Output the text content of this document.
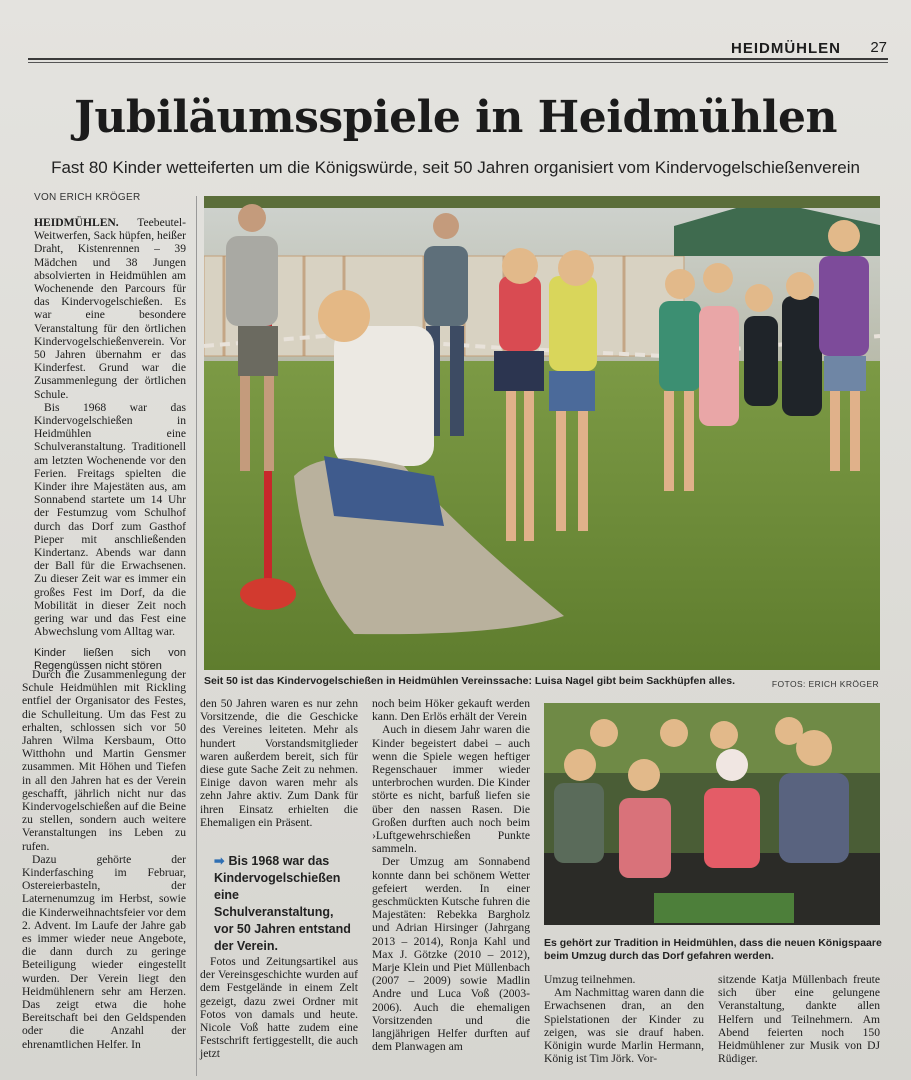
HEIDMÜHLEN 27
Jubiläumsspiele in Heidmühlen
Fast 80 Kinder wetteiferten um die Königswürde, seit 50 Jahren organisiert vom Kindervogelschießenverein
VON ERICH KRÖGER

HEIDMÜHLEN. Teebeutel-Weitwerfen, Sack hüpfen, heißer Draht, Kistenrennen – 39 Mädchen und 38 Jungen absolvierten in Heidmühlen am Wochenende den Parcours für das Kindervogelschießen. Es war eine besondere Veranstaltung für den örtlichen Kindervogelschießenverein. Vor 50 Jahren übernahm er das Kinderfest. Grund war die Zusammenlegung der örtlichen Schule.

Bis 1968 war das Kindervogelschießen in Heidmühlen eine Schulveranstaltung. Traditionell am letzten Wochenende vor den Ferien. Freitags spielten die Kinder ihre Majestäten aus, am Sonnabend startete um 14 Uhr der Festumzug vom Schulhof durch das Dorf zum Gasthof Pieper mit anschließenden Kindertanz. Abends war dann der Ball für die Erwachsenen. Zu dieser Zeit war es immer ein großes Fest im Dorf, da die Mobilität in dieser Zeit noch gering war und das Fest eine Abwechslung vom Alltag war.

Kinder ließen sich von Regengüssen nicht stören

Durch die Zusammenlegung der Schule Heidmühlen mit Rickling entfiel der Organisator des Festes, die Schulleitung. Um das Fest zu erhalten, schlossen sich vor 50 Jahren Wilma Kersbaum, Otto Witthohn und Martin Gensmer zusammen. Mit Höhen und Tiefen in all den Jahren hat es der Verein geschafft, jährlich nicht nur das Kindervogelschießen auf die Beine zu stellen, sondern auch weitere Veranstaltungen ins Leben zu rufen.

Dazu gehörte der Kinderfasching im Februar, Ostereierbasteln, der Laternenumzug im Herbst, sowie die Kinderweihnachtsfeier vor dem 2. Advent. Im Laufe der Jahre gab es immer wieder neue Angebote, die dann durch zu geringe Beteiligung wieder eingestellt wurden. Der Verein liegt den Heidmühlenern sehr am Herzen. Das zeigt etwa die hohe Bereitschaft bei den Geldspenden oder die Anzahl der ehrenamtlichen Helfer. In

Seit 50 ist das Kindervogelschießen in Heidmühlen Vereinssache: Luisa Nagel gibt beim Sackhüpfen alles.	FOTOS: ERICH KRÖGER

den 50 Jahren waren es nur zehn Vorsitzende, die die Geschicke des Vereines leiteten. Mehr als hundert Vorstandsmitglieder waren außerdem bereit, sich für diese gute Sache Zeit zu nehmen. Einige davon waren mehr als zehn Jahre aktiv. Zum Dank für ihren Einsatz erhielten die Ehemaligen ein Präsent.

➡ Bis 1968 war das Kindervogelschießen eine Schulveranstaltung, vor 50 Jahren entstand der Verein.

Fotos und Zeitungsartikel aus der Vereinsgeschichte wurden auf dem Festgelände in einem Zelt gezeigt, dazu zwei Ordner mit Fotos von damals und heute. Nicole Voß hatte zudem eine Festschrift fertiggestellt, die auch jetzt

noch beim Höker gekauft werden kann. Den Erlös erhält der Verein

Auch in diesem Jahr waren die Kinder begeistert dabei – auch wenn die Spiele wegen heftiger Regenschauer immer wieder unterbrochen wurden. Die Kinder störte es nicht, barfuß liefen sie über den nassen Rasen. Die Großen durften auch noch beim ›Luftgewehrschießen Punkte sammeln.

Der Umzug am Sonnabend konnte dann bei schönem Wetter gefeiert werden. In einer geschmückten Kutsche fuhren die Majestäten: Rebekka Bargholz und Adrian Hirsinger (Jahrgang 2013 – 2014), Ronja Kahl und Max J. Götzke (2010 – 2012), Marje Klein und Piet Müllenbach (2007 – 2009) sowie Madlin Andre und Luca Voß (2003-2006). Auch die ehemaligen Vorsitzenden und die langjährigen Helfer durften auf dem Planwagen am

Es gehört zur Tradition in Heidmühlen, dass die neuen Königspaare beim Umzug durch das Dorf gefahren werden.

Umzug teilnehmen.

Am Nachmittag waren dann die Erwachsenen dran, an den Spielstationen der Kinder zu zeigen, was sie drauf haben. Königin wurde Marlin Hermann, König ist Tim Jörk. Vor-

sitzende Katja Müllenbach freute sich über eine gelungene Veranstaltung, dankte allen Helfern und Teilnehmern. Am Abend feierten noch 150 Heidmühlener zur Musik von DJ Rüdiger.
